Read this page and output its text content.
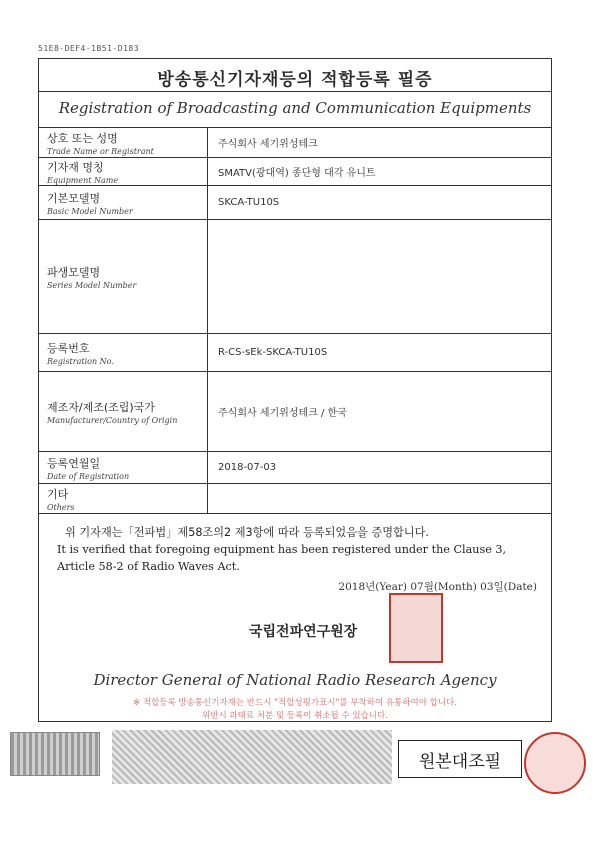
51E8-DEF4-1B51-D183
방송통신기자재등의 적합등록 필증
Registration of Broadcasting and Communication Equipments
상호 또는 성명
Trade Name or Registrant	주식회사 세기위성테크

기자재 명칭
Equipment Name	SMATV(광대역) 종단형 대각 유니트

기본모델명
Basic Model Number	SKCA-TU10S

파생모델명
Series Model Number	

등록번호
Registration No.	R-CS-sEk-SKCA-TU10S

제조자/제조(조립)국가
Manufacturer/Country of Origin	주식회사 세기위성테크 / 한국

등록연월일
Date of Registration	2018-07-03

기타
Others	

위 기자재는「전파법」제58조의2 제3항에 따라 등록되었음을 증명합니다.
It is verified that foregoing equipment has been registered under the Clause 3,
Article 58-2 of Radio Waves Act.
2018년(Year) 07월(Month) 03일(Date)
국립전파연구원장
Director General of National Radio Research Agency
※ 적합등록 방송통신기자재는 반드시 "적합성평가표시"를 부착하여 유통하여야 합니다.
위반시 과태료 처분 및 등록이 취소될 수 있습니다.
원본대조필
